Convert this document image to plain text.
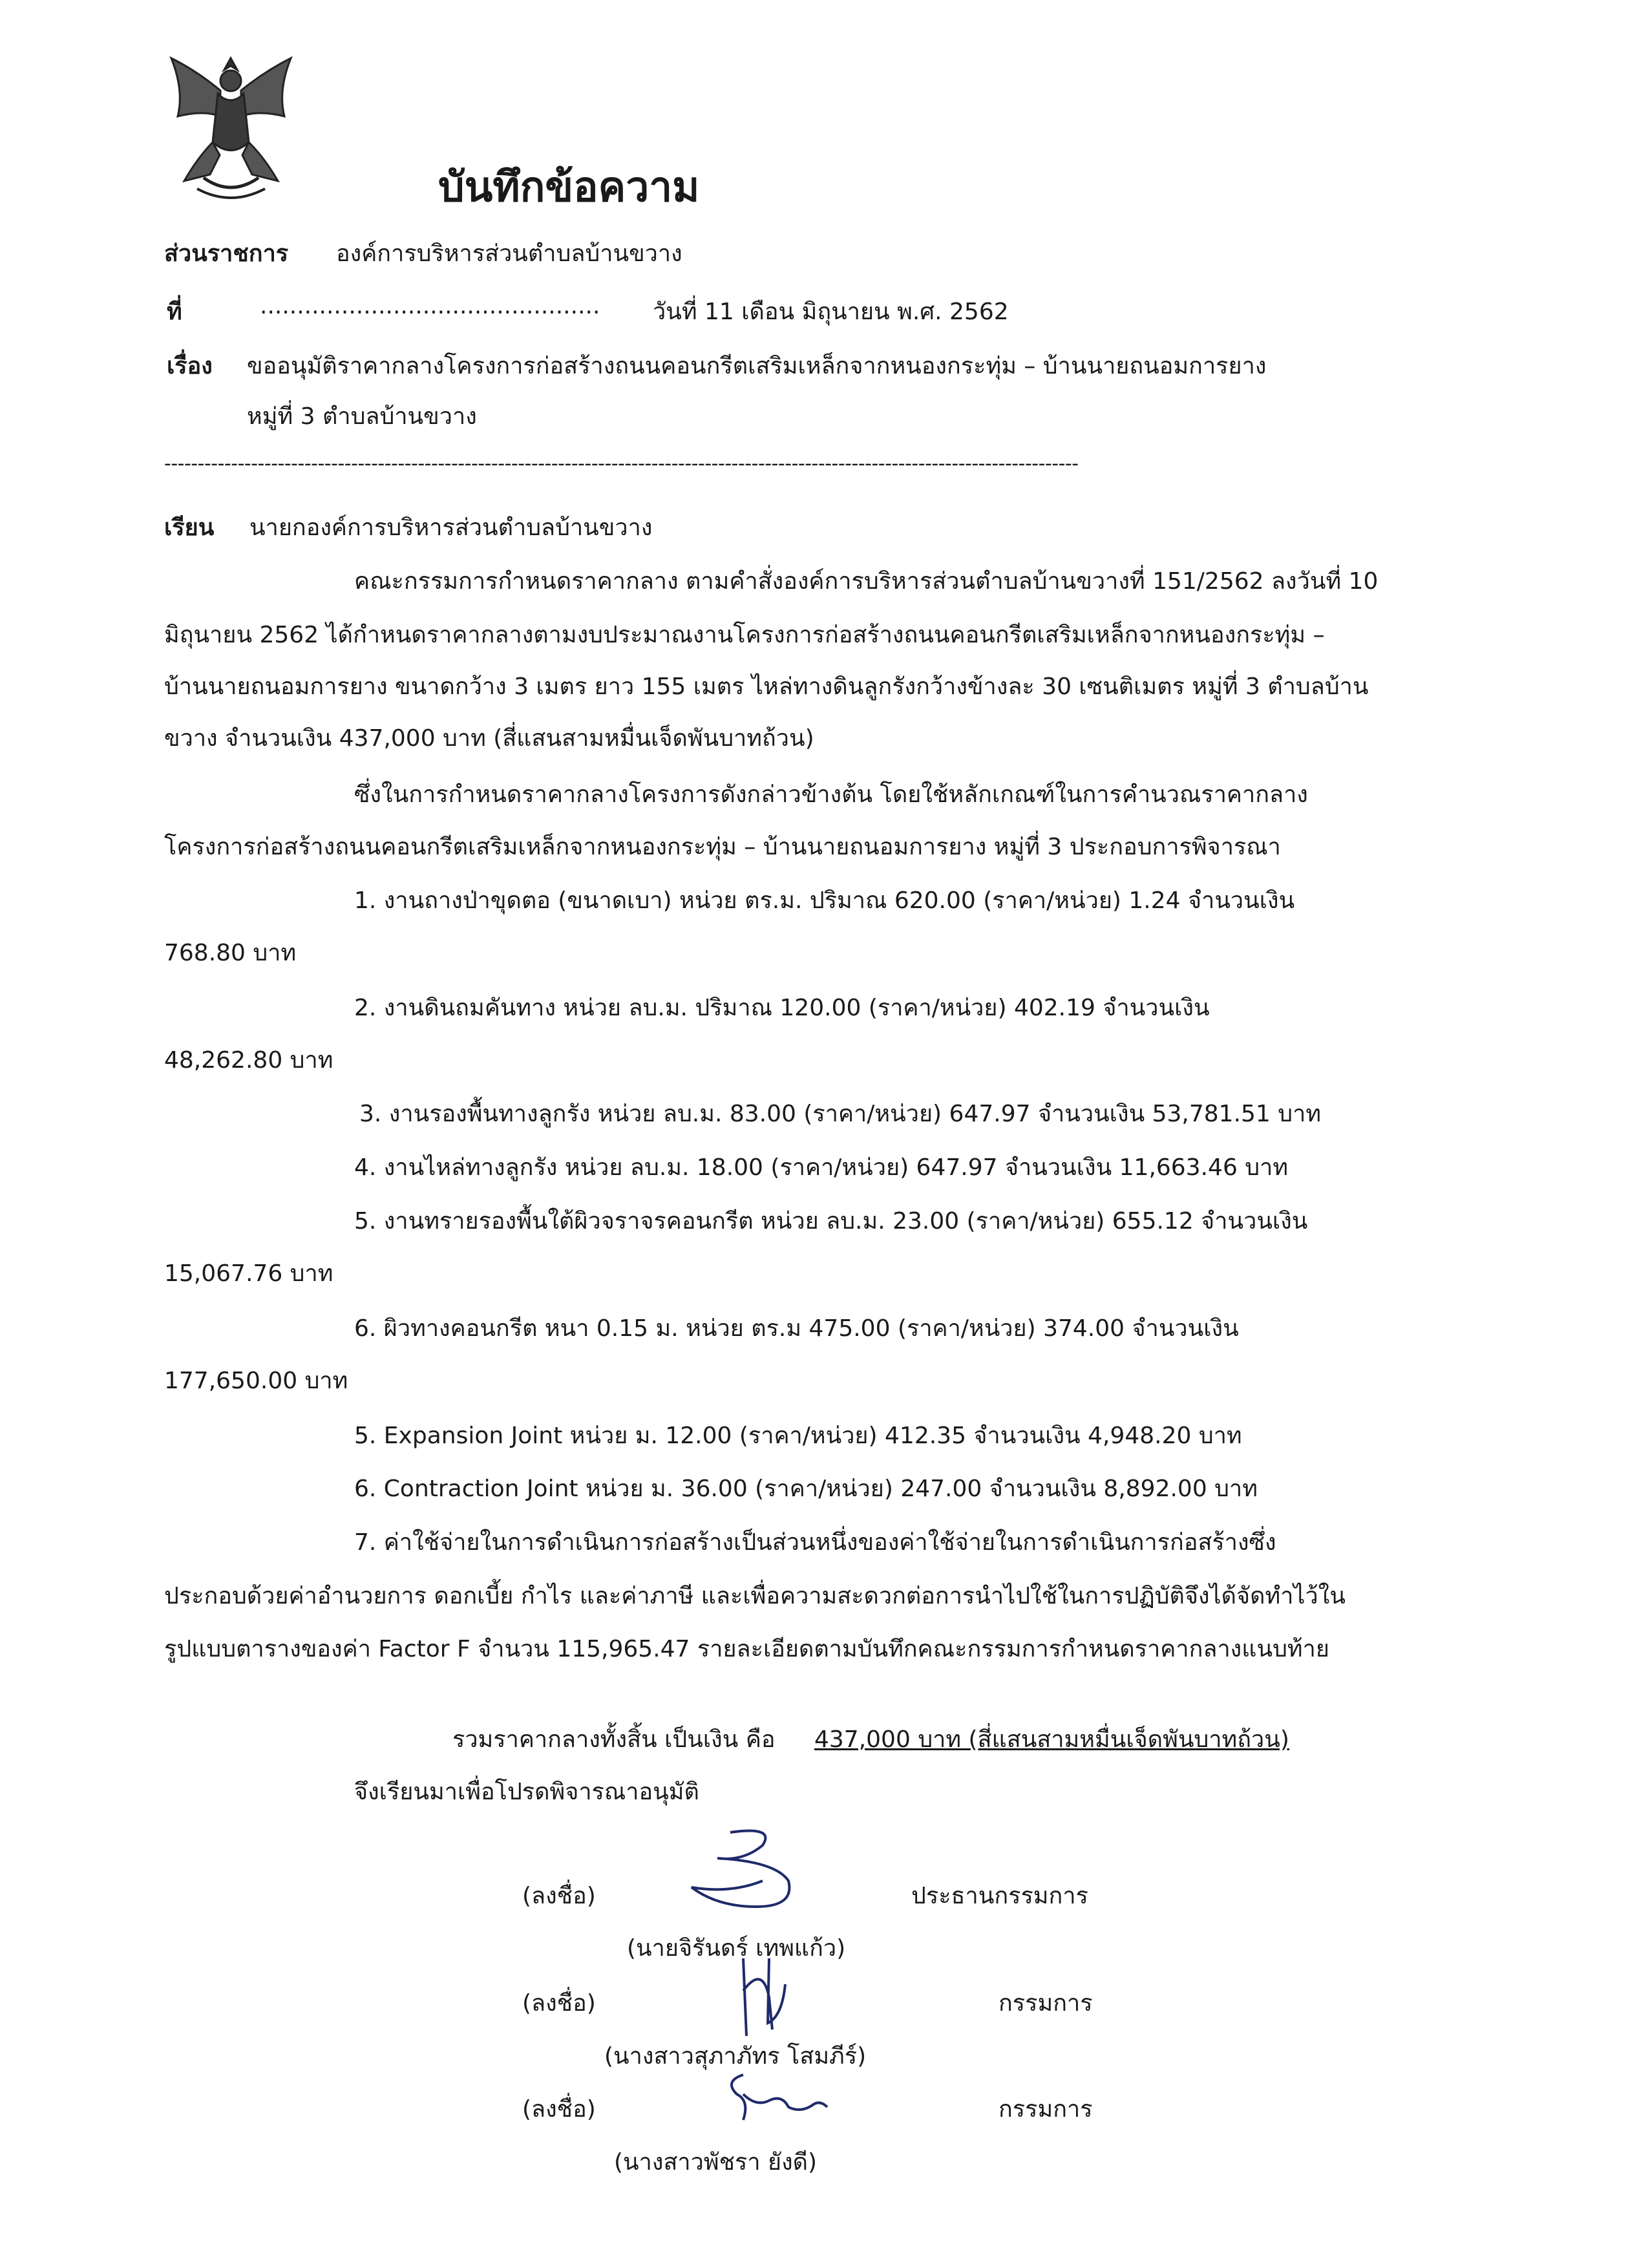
บันทึกข้อความ
ส่วนราชการ องค์การบริหารส่วนตำบลบ้านขวาง
ที่	.............................................. วันที่ 11 เดือน มิถุนายน พ.ศ. 2562
เรื่อง ขออนุมัติราคากลางโครงการก่อสร้างถนนคอนกรีตเสริมเหล็กจากหนองกระทุ่ม – บ้านนายถนอมการยาง
หมู่ที่ 3 ตำบลบ้านขวาง
-----------------------------------------------------------------------------------------------------------------------------------------
เรียน นายกองค์การบริหารส่วนตำบลบ้านขวาง
คณะกรรมการกำหนดราคากลาง ตามคำสั่งองค์การบริหารส่วนตำบลบ้านขวางที่ 151/2562 ลงวันที่ 10
มิถุนายน 2562 ได้กำหนดราคากลางตามงบประมาณงานโครงการก่อสร้างถนนคอนกรีตเสริมเหล็กจากหนองกระทุ่ม –
บ้านนายถนอมการยาง ขนาดกว้าง 3 เมตร ยาว 155 เมตร ไหล่ทางดินลูกรังกว้างข้างละ 30 เซนติเมตร หมู่ที่ 3 ตำบลบ้าน
ขวาง จำนวนเงิน 437,000 บาท (สี่แสนสามหมื่นเจ็ดพันบาทถ้วน)
ซึ่งในการกำหนดราคากลางโครงการดังกล่าวข้างต้น โดยใช้หลักเกณฑ์ในการคำนวณราคากลาง
โครงการก่อสร้างถนนคอนกรีตเสริมเหล็กจากหนองกระทุ่ม – บ้านนายถนอมการยาง หมู่ที่ 3 ประกอบการพิจารณา
1. งานถางป่าขุดตอ (ขนาดเบา) หน่วย ตร.ม. ปริมาณ 620.00 (ราคา/หน่วย) 1.24 จำนวนเงิน
768.80 บาท
2. งานดินถมคันทาง หน่วย ลบ.ม. ปริมาณ 120.00 (ราคา/หน่วย) 402.19 จำนวนเงิน
48,262.80 บาท
3. งานรองพื้นทางลูกรัง หน่วย ลบ.ม. 83.00 (ราคา/หน่วย) 647.97 จำนวนเงิน 53,781.51 บาท
4. งานไหล่ทางลูกรัง หน่วย ลบ.ม. 18.00 (ราคา/หน่วย) 647.97 จำนวนเงิน 11,663.46 บาท
5. งานทรายรองพื้นใต้ผิวจราจรคอนกรีต หน่วย ลบ.ม. 23.00 (ราคา/หน่วย) 655.12 จำนวนเงิน
15,067.76 บาท
6. ผิวทางคอนกรีต หนา 0.15 ม. หน่วย ตร.ม 475.00 (ราคา/หน่วย) 374.00 จำนวนเงิน
177,650.00 บาท
5. Expansion Joint หน่วย ม. 12.00 (ราคา/หน่วย) 412.35 จำนวนเงิน 4,948.20 บาท
6. Contraction Joint หน่วย ม. 36.00 (ราคา/หน่วย) 247.00 จำนวนเงิน 8,892.00 บาท
7. ค่าใช้จ่ายในการดำเนินการก่อสร้างเป็นส่วนหนึ่งของค่าใช้จ่ายในการดำเนินการก่อสร้างซึ่ง
ประกอบด้วยค่าอำนวยการ ดอกเบี้ย กำไร และค่าภาษี และเพื่อความสะดวกต่อการนำไปใช้ในการปฏิบัติจึงได้จัดทำไว้ใน
รูปแบบตารางของค่า Factor F จำนวน 115,965.47 รายละเอียดตามบันทึกคณะกรรมการกำหนดราคากลางแนบท้าย
รวมราคากลางทั้งสิ้น เป็นเงิน คือ 437,000 บาท (สี่แสนสามหมื่นเจ็ดพันบาทถ้วน)
จึงเรียนมาเพื่อโปรดพิจารณาอนุมัติ
(ลงชื่อ)	ประธานกรรมการ
(นายจิรันดร์ เทพแก้ว)
(ลงชื่อ)	กรรมการ
(นางสาวสุภาภัทร โสมภีร์)
(ลงชื่อ)	กรรมการ
(นางสาวพัชรา ยังดี)
